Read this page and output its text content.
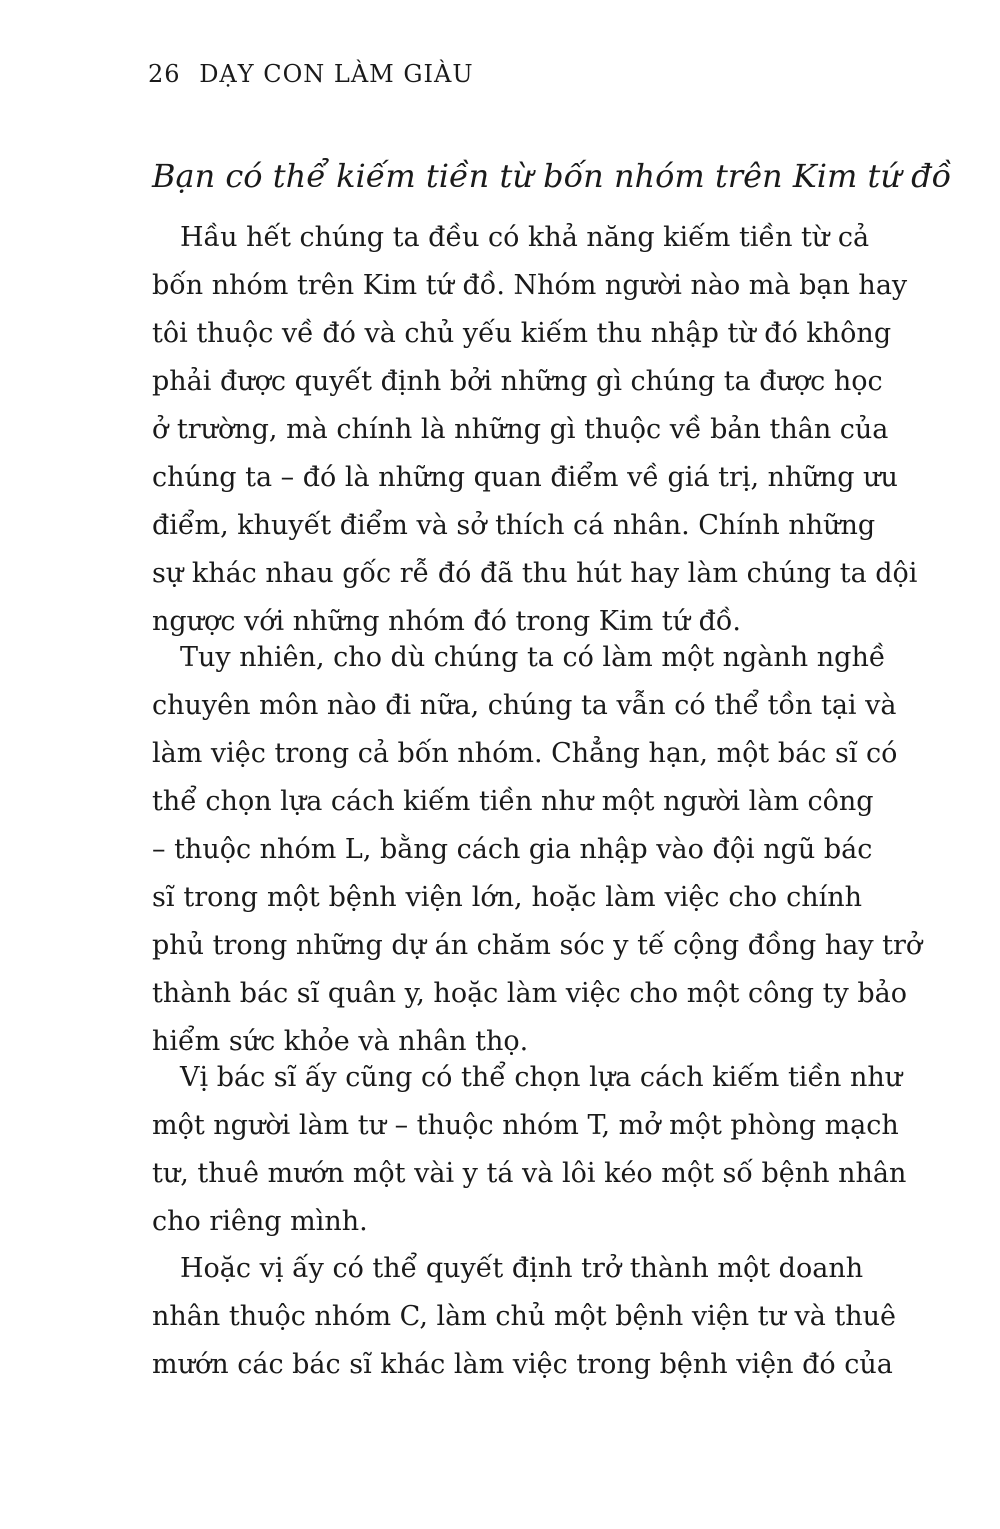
26 DẠY CON LÀM GIÀU
Bạn có thể kiếm tiền từ bốn nhóm trên Kim tứ đồ
Hầu hết chúng ta đều có khả năng kiếm tiền từ cả
bốn nhóm trên Kim tứ đồ. Nhóm người nào mà bạn hay
tôi thuộc về đó và chủ yếu kiếm thu nhập từ đó không
phải được quyết định bởi những gì chúng ta được học
ở trường, mà chính là những gì thuộc về bản thân của
chúng ta – đó là những quan điểm về giá trị, những ưu
điểm, khuyết điểm và sở thích cá nhân. Chính những
sự khác nhau gốc rễ đó đã thu hút hay làm chúng ta dội
ngược với những nhóm đó trong Kim tứ đồ.
Tuy nhiên, cho dù chúng ta có làm một ngành nghề
chuyên môn nào đi nữa, chúng ta vẫn có thể tồn tại và
làm việc trong cả bốn nhóm. Chẳng hạn, một bác sĩ có
thể chọn lựa cách kiếm tiền như một người làm công
– thuộc nhóm L, bằng cách gia nhập vào đội ngũ bác
sĩ trong một bệnh viện lớn, hoặc làm việc cho chính
phủ trong những dự án chăm sóc y tế cộng đồng hay trở
thành bác sĩ quân y, hoặc làm việc cho một công ty bảo
hiểm sức khỏe và nhân thọ.
Vị bác sĩ ấy cũng có thể chọn lựa cách kiếm tiền như
một người làm tư – thuộc nhóm T, mở một phòng mạch
tư, thuê mướn một vài y tá và lôi kéo một số bệnh nhân
cho riêng mình.
Hoặc vị ấy có thể quyết định trở thành một doanh
nhân thuộc nhóm C, làm chủ một bệnh viện tư và thuê
mướn các bác sĩ khác làm việc trong bệnh viện đó của
